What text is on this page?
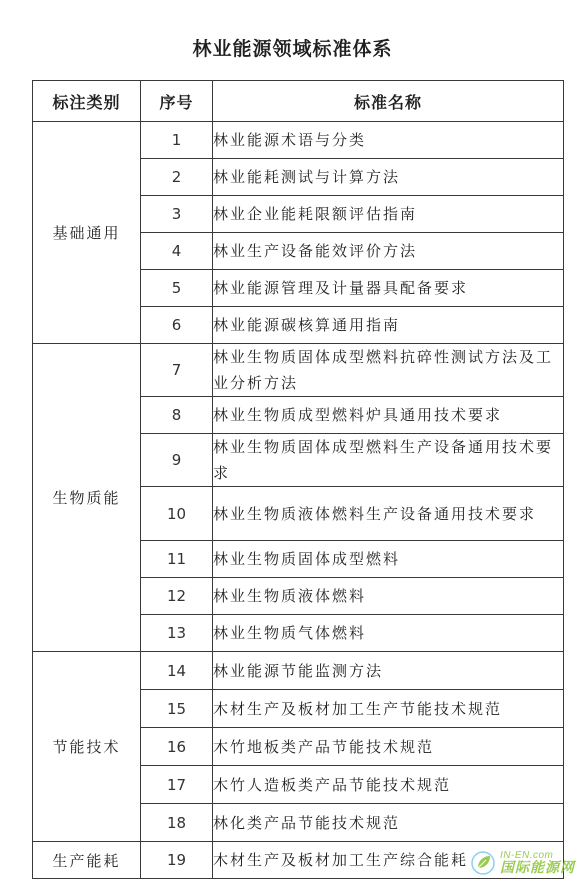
林业能源领域标准体系
标注类别	序号	标准名称
基础通用	1	林业能源术语与分类
	2	林业能耗测试与计算方法
	3	林业企业能耗限额评估指南
	4	林业生产设备能效评价方法
	5	林业能源管理及计量器具配备要求
	6	林业能源碳核算通用指南
生物质能	7	林业生物质固体成型燃料抗碎性测试方法及工业分析方法
	8	林业生物质成型燃料炉具通用技术要求
	9	林业生物质固体成型燃料生产设备通用技术要求
	10	林业生物质液体燃料生产设备通用技术要求
	11	林业生物质固体成型燃料
	12	林业生物质液体燃料
	13	林业生物质气体燃料
节能技术	14	林业能源节能监测方法
	15	木材生产及板材加工生产节能技术规范
	16	木竹地板类产品节能技术规范
	17	木竹人造板类产品节能技术规范
	18	林化类产品节能技术规范
生产能耗	19	木材生产及板材加工生产综合能耗	IN-EN.com
国际能源网
